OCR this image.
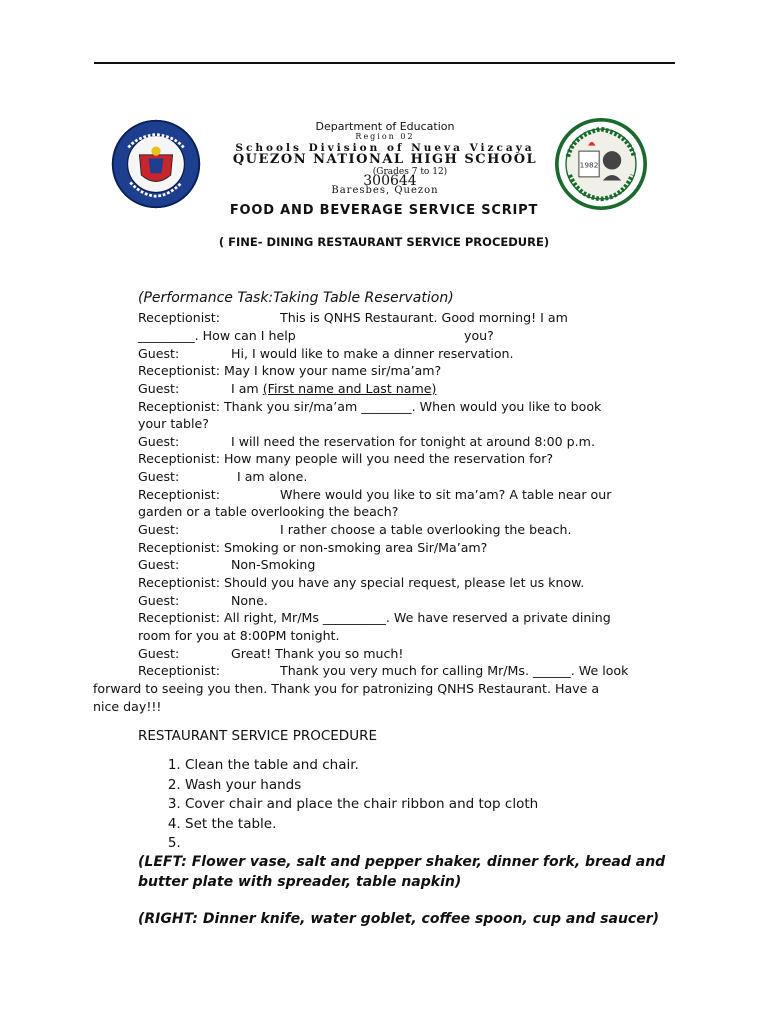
1982
Department of Education
Region 02
Schools Division of Nueva Vizcaya
QUEZON NATIONAL HIGH SCHOOL
(Grades 7 to 12)
300644
Baresbes, Quezon
FOOD AND BEVERAGE SERVICE SCRIPT
( FINE- DINING RESTAURANT SERVICE PROCEDURE)
(Performance Task:Taking Table Reservation)
Receptionist:	This is QNHS Restaurant. Good morning! I am
_________. How can I help	you?
Guest:	Hi, I would like to make a dinner reservation.
Receptionist: May I know your name sir/ma’am?
Guest:	I am (First name and Last name)
Receptionist: Thank you sir/ma’am ________. When would you like to book
your table?
Guest:	I will need the reservation for tonight at around 8:00 p.m.
Receptionist: How many people will you need the reservation for?
Guest:	I am alone.
Receptionist:	Where would you like to sit ma’am? A table near our
garden or a table overlooking the beach?
Guest:	I rather choose a table overlooking the beach.
Receptionist: Smoking or non-smoking area Sir/Ma’am?
Guest:	Non-Smoking
Receptionist: Should you have any special request, please let us know.
Guest:	None.
Receptionist: All right, Mr/Ms __________. We have reserved a private dining
room for you at 8:00PM tonight.
Guest:	Great! Thank you so much!
Receptionist:	Thank you very much for calling Mr/Ms. ______. We look
forward to seeing you then. Thank you for patronizing QNHS Restaurant. Have a
nice day!!!
RESTAURANT SERVICE PROCEDURE
1. Clean the table and chair.
2. Wash your hands
3. Cover chair and place the chair ribbon and top cloth
4. Set the table.
5.
(LEFT: Flower vase, salt and pepper shaker, dinner fork, bread and
butter plate with spreader, table napkin)
(RIGHT: Dinner knife, water goblet, coffee spoon, cup and saucer)
